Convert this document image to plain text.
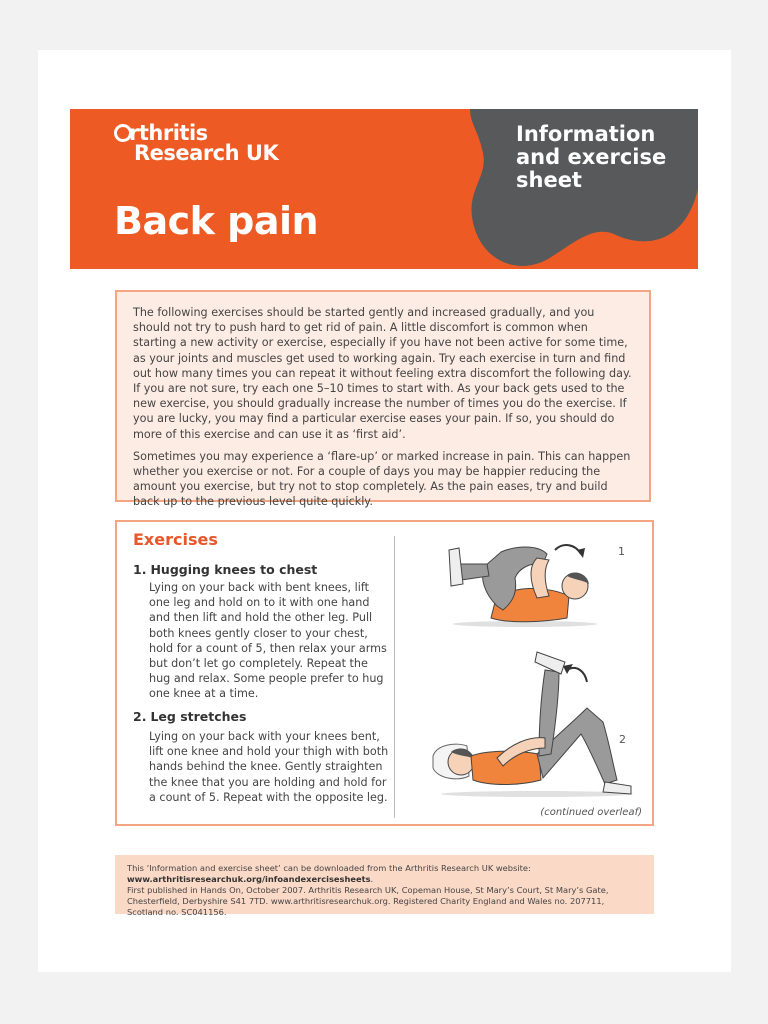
rthritis
Research UK
Back pain
Information
and exercise
sheet

The following exercises should be started gently and increased gradually, and you should not try to push hard to get rid of pain. A little discomfort is common when starting a new activity or exercise, especially if you have not been active for some time, as your joints and muscles get used to working again. Try each exercise in turn and find out how many times you can repeat it without feeling extra discomfort the following day. If you are not sure, try each one 5–10 times to start with. As your back gets used to the new exercise, you should gradually increase the number of times you do the exercise. If you are lucky, you may find a particular exercise eases your pain. If so, you should do more of this exercise and can use it as ‘first aid’.

Sometimes you may experience a ‘flare-up’ or marked increase in pain. This can happen whether you exercise or not. For a couple of days you may be happier reducing the amount you exercise, but try not to stop completely. As the pain eases, try and build back up to the previous level quite quickly.

Exercises
1. Hugging knees to chest
Lying on your back with bent knees, lift one leg and hold on to it with one hand and then lift and hold the other leg. Pull both knees gently closer to your chest, hold for a count of 5, then relax your arms but don’t let go completely. Repeat the hug and relax. Some people prefer to hug one knee at a time.
2. Leg stretches
Lying on your back with your knees bent, lift one knee and hold your thigh with both hands behind the knee. Gently straighten the knee that you are holding and hold for a count of 5. Repeat with the opposite leg.
1
2
(continued overleaf)

This ‘Information and exercise sheet’ can be downloaded from the Arthritis Research UK website: www.arthritisresearchuk.org/infoandexercisesheets.

First published in Hands On, October 2007. Arthritis Research UK, Copeman House, St Mary’s Court, St Mary’s Gate, Chesterfield, Derbyshire S41 7TD. www.arthritisresearchuk.org. Registered Charity England and Wales no. 207711, Scotland no. SC041156.
